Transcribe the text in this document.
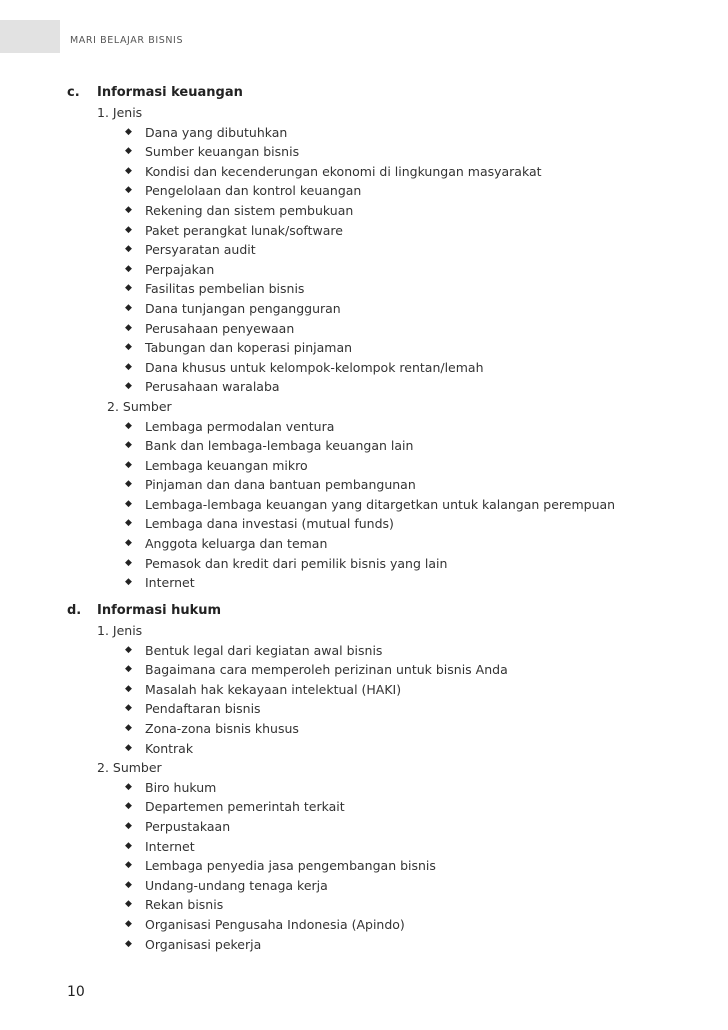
MARI BELAJAR BISNIS
c. Informasi keuangan
1. Jenis
◆ Dana yang dibutuhkan
◆ Sumber keuangan bisnis
◆ Kondisi dan kecenderungan ekonomi di lingkungan masyarakat
◆ Pengelolaan dan kontrol keuangan
◆ Rekening dan sistem pembukuan
◆ Paket perangkat lunak/software
◆ Persyaratan audit
◆ Perpajakan
◆ Fasilitas pembelian bisnis
◆ Dana tunjangan pengangguran
◆ Perusahaan penyewaan
◆ Tabungan dan koperasi pinjaman
◆ Dana khusus untuk kelompok-kelompok rentan/lemah
◆ Perusahaan waralaba
2. Sumber
◆ Lembaga permodalan ventura
◆ Bank dan lembaga-lembaga keuangan lain
◆ Lembaga keuangan mikro
◆ Pinjaman dan dana bantuan pembangunan
◆ Lembaga-lembaga keuangan yang ditargetkan untuk kalangan perempuan
◆ Lembaga dana investasi (mutual funds)
◆ Anggota keluarga dan teman
◆ Pemasok dan kredit dari pemilik bisnis yang lain
◆ Internet
d. Informasi hukum
1. Jenis
◆ Bentuk legal dari kegiatan awal bisnis
◆ Bagaimana cara memperoleh perizinan untuk bisnis Anda
◆ Masalah hak kekayaan intelektual (HAKI)
◆ Pendaftaran bisnis
◆ Zona-zona bisnis khusus
◆ Kontrak
2. Sumber
◆ Biro hukum
◆ Departemen pemerintah terkait
◆ Perpustakaan
◆ Internet
◆ Lembaga penyedia jasa pengembangan bisnis
◆ Undang-undang tenaga kerja
◆ Rekan bisnis
◆ Organisasi Pengusaha Indonesia (Apindo)
◆ Organisasi pekerja
10
